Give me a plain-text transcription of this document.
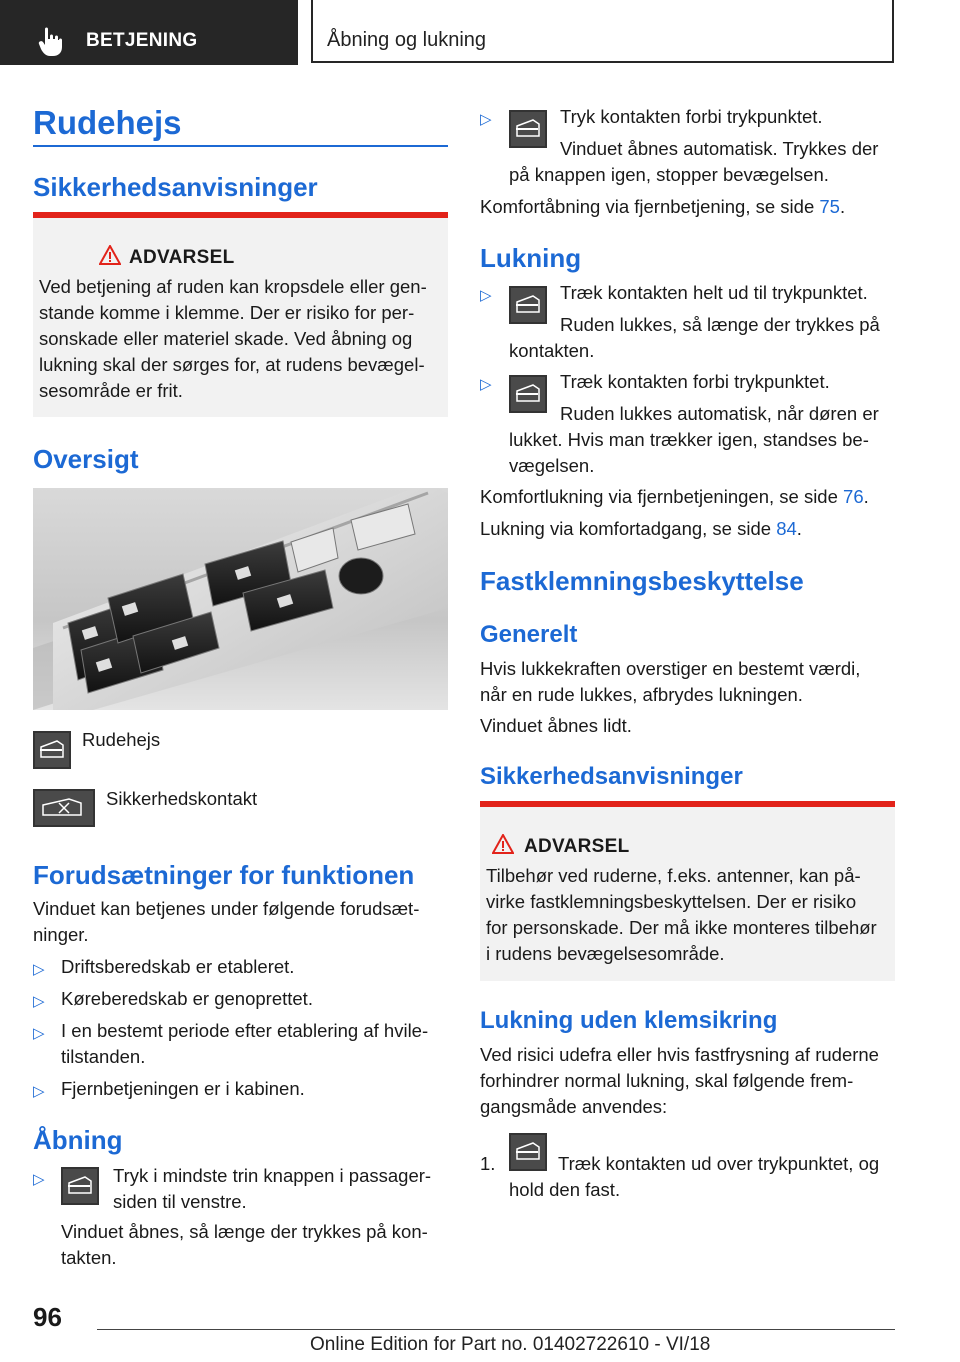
BETJENING	Åbning og lukning
Rudehejs
Sikkerhedsanvisninger
ADVARSEL
Ved betjening af ruden kan kropsdele eller gen-
stande komme i klemme. Der er risiko for per-
sonskade eller materiel skade. Ved åbning og
lukning skal der sørges for, at rudens bevægel-
sesområde er frit.
Oversigt
Rudehejs
Sikkerhedskontakt
Forudsætninger for funktionen
Vinduet kan betjenes under følgende forudsæt-
ninger.
▷ Driftsberedskab er etableret.
▷ Køreberedskab er genoprettet.
▷ I en bestemt periode efter etablering af hvile-
tilstanden.
▷ Fjernbetjeningen er i kabinen.
Åbning
▷	Tryk i mindste trin knappen i passager-
siden til venstre.
Vinduet åbnes, så længe der trykkes på kon-
takten.
▷	Tryk kontakten forbi trykpunktet.
Vinduet åbnes automatisk. Trykkes der
på knappen igen, stopper bevægelsen.
Komfortåbning via fjernbetjening, se side 75.
Lukning
▷	Træk kontakten helt ud til trykpunktet.
Ruden lukkes, så længe der trykkes på
kontakten.
▷	Træk kontakten forbi trykpunktet.
Ruden lukkes automatisk, når døren er
lukket. Hvis man trækker igen, standses be-
vægelsen.
Komfortlukning via fjernbetjeningen, se side 76.
Lukning via komfortadgang, se side 84.
Fastklemningsbeskyttelse
Generelt
Hvis lukkekraften overstiger en bestemt værdi,
når en rude lukkes, afbrydes lukningen.
Vinduet åbnes lidt.
Sikkerhedsanvisninger
ADVARSEL
Tilbehør ved ruderne, f.eks. antenner, kan på-
virke fastklemningsbeskyttelsen. Der er risiko
for personskade. Der må ikke monteres tilbehør
i rudens bevægelsesområde.
Lukning uden klemsikring
Ved risici udefra eller hvis fastfrysning af ruderne
forhindrer normal lukning, skal følgende frem-
gangsmåde anvendes:
1.	Træk kontakten ud over trykpunktet, og
hold den fast.
96
Online Edition for Part no. 01402722610 - VI/18
